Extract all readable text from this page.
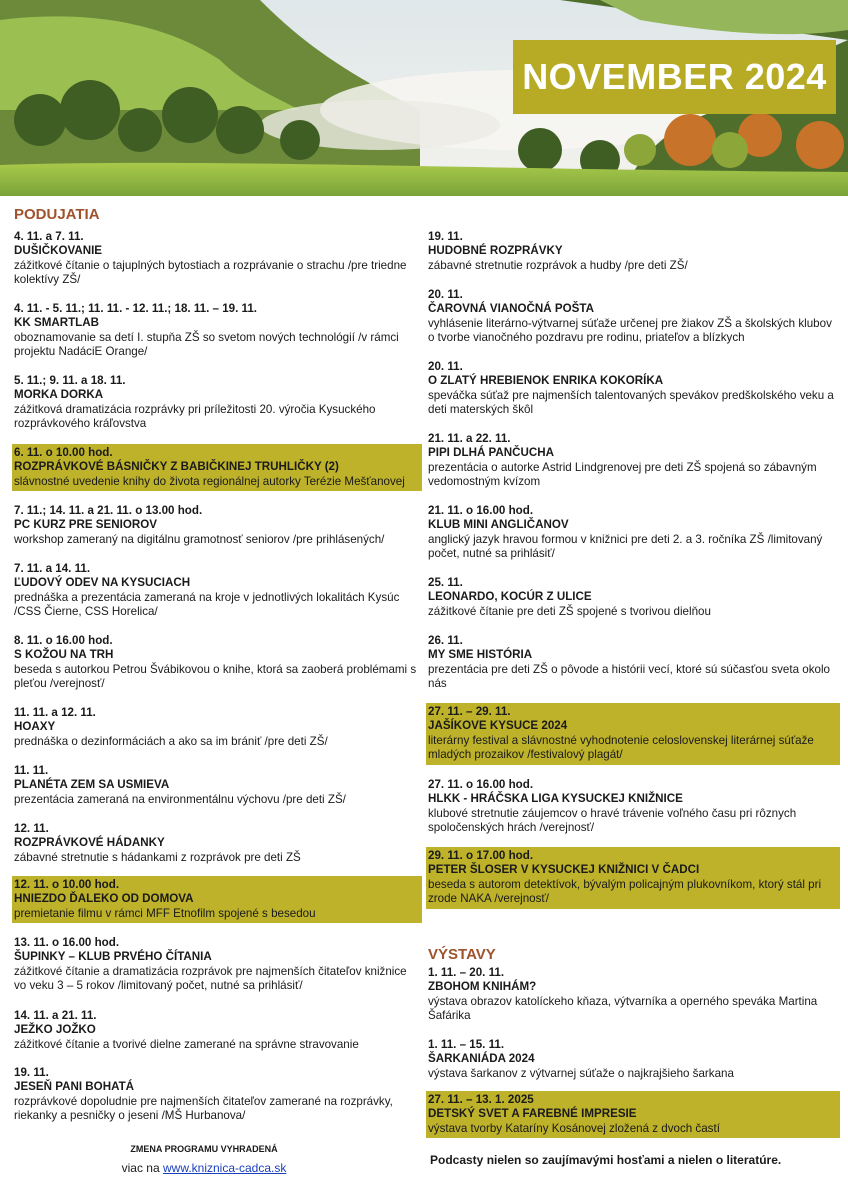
NOVEMBER 2024
PODUJATIA
4. 11. a 7. 11.
DUŠIČKOVANIE
zážitkové čítanie o tajuplných bytostiach a rozprávanie o strachu /pre triedne kolektívy ZŠ/
4. 11. - 5. 11.; 11. 11. - 12. 11.; 18. 11. – 19. 11.
KK SMARTLAB
oboznamovanie sa detí I. stupňa ZŠ so svetom nových technológií /v rámci projektu NadáciE Orange/
5. 11.; 9. 11. a 18. 11.
MORKA DORKA
zážitková dramatizácia rozprávky pri príležitosti 20. výročia Kysuckého rozprávkového kráľovstva
6. 11. o 10.00 hod.
ROZPRÁVKOVÉ BÁSNIČKY Z BABIČKINEJ TRUHLIČKY (2)
slávnostné uvedenie knihy do života regionálnej autorky Terézie Mešťanovej
7. 11.; 14. 11. a 21. 11. o 13.00 hod.
PC KURZ PRE SENIOROV
workshop zameraný na digitálnu gramotnosť seniorov /pre prihlásených/
7. 11. a 14. 11.
ĽUDOVÝ ODEV NA KYSUCIACH
prednáška a prezentácia zameraná na kroje v jednotlivých lokalitách Kysúc /CSS Čierne, CSS Horelica/
8. 11. o 16.00 hod.
S KOŽOU NA TRH
beseda s autorkou Petrou Švábikovou o knihe, ktorá sa zaoberá problémami s pleťou /verejnosť/
11. 11. a 12. 11.
HOAXY
prednáška o dezinformáciách a ako sa im brániť /pre deti ZŠ/
11. 11.
PLANÉTA ZEM SA USMIEVA
prezentácia zameraná na environmentálnu výchovu /pre deti ZŠ/
12. 11.
ROZPRÁVKOVÉ HÁDANKY
zábavné stretnutie s hádankami z rozprávok pre deti ZŠ
12. 11. o 10.00 hod.
HNIEZDO ĎALEKO OD DOMOVA
premietanie filmu v rámci MFF Etnofilm spojené s besedou
13. 11. o 16.00 hod.
ŠUPINKY – KLUB PRVÉHO ČÍTANIA
zážitkové čítanie a dramatizácia rozprávok pre najmenších čitateľov knižnice vo veku 3 – 5 rokov /limitovaný počet, nutné sa prihlásiť/
14. 11. a 21. 11.
JEŽKO JOŽKO
zážitkové čítanie a tvorivé dielne zamerané na správne stravovanie
19. 11.
JESEŇ PANI BOHATÁ
rozprávkové dopoludnie pre najmenších čitateľov zamerané na rozprávky, riekanky a pesničky o jeseni /MŠ Hurbanova/
ZMENA PROGRAMU VYHRADENÁ
viac na www.kniznica-cadca.sk
19. 11.
HUDOBNÉ ROZPRÁVKY
zábavné stretnutie rozprávok a hudby /pre deti ZŠ/
20. 11.
ČAROVNÁ VIANOČNÁ POŠTA
vyhlásenie literárno-výtvarnej súťaže určenej pre žiakov ZŠ a školských klubov o tvorbe vianočného pozdravu pre rodinu, priateľov a blízkych
20. 11.
O ZLATÝ HREBIENOK ENRIKA KOKORÍKA
speváčka súťaž pre najmenších talentovaných spevákov predškolského veku a deti materských škôl
21. 11. a 22. 11.
PIPI DLHÁ PANČUCHA
prezentácia o autorke Astrid Lindgrenovej pre deti ZŠ spojená so zábavným vedomostným kvízom
21. 11. o 16.00 hod.
KLUB MINI ANGLIČANOV
anglický jazyk hravou formou v knižnici pre deti 2. a 3. ročníka ZŠ /limitovaný počet, nutné sa prihlásiť/
25. 11.
LEONARDO, KOCÚR Z ULICE
zážitkové čítanie pre deti ZŠ spojené s tvorivou dielňou
26. 11.
MY SME HISTÓRIA
prezentácia pre deti ZŠ o pôvode a histórii vecí, ktoré sú súčasťou sveta okolo nás
27. 11. – 29. 11.
JAŠÍKOVE KYSUCE 2024
literárny festival a slávnostné vyhodnotenie celoslovenskej literárnej súťaže mladých prozaikov /festivalový plagát/
27. 11. o 16.00 hod.
HLKK - HRÁČSKA LIGA KYSUCKEJ KNIŽNICE
klubové stretnutie záujemcov o hravé trávenie voľného času pri rôznych spoločenských hrách /verejnosť/
29. 11. o 17.00 hod.
PETER ŠLOSER V KYSUCKEJ KNIŽNICI V ČADCI
beseda s autorom detektívok, bývalým policajným plukovníkom, ktorý stál pri zrode NAKA /verejnosť/
VÝSTAVY
1. 11. – 20. 11.
ZBOHOM KNIHÁM?
výstava obrazov katolíckeho kňaza, výtvarníka a operného speváka Martina Šafárika
1. 11. – 15. 11.
ŠARKANIÁDA 2024
výstava šarkanov z výtvarnej súťaže o najkrajšieho šarkana
27. 11. – 13. 1. 2025
DETSKÝ SVET A FAREBNÉ IMPRESIE
výstava tvorby Kataríny Kosánovej zložená z dvoch častí
Podcasty nielen so zaujímavými hosťami a nielen o literatúre.
